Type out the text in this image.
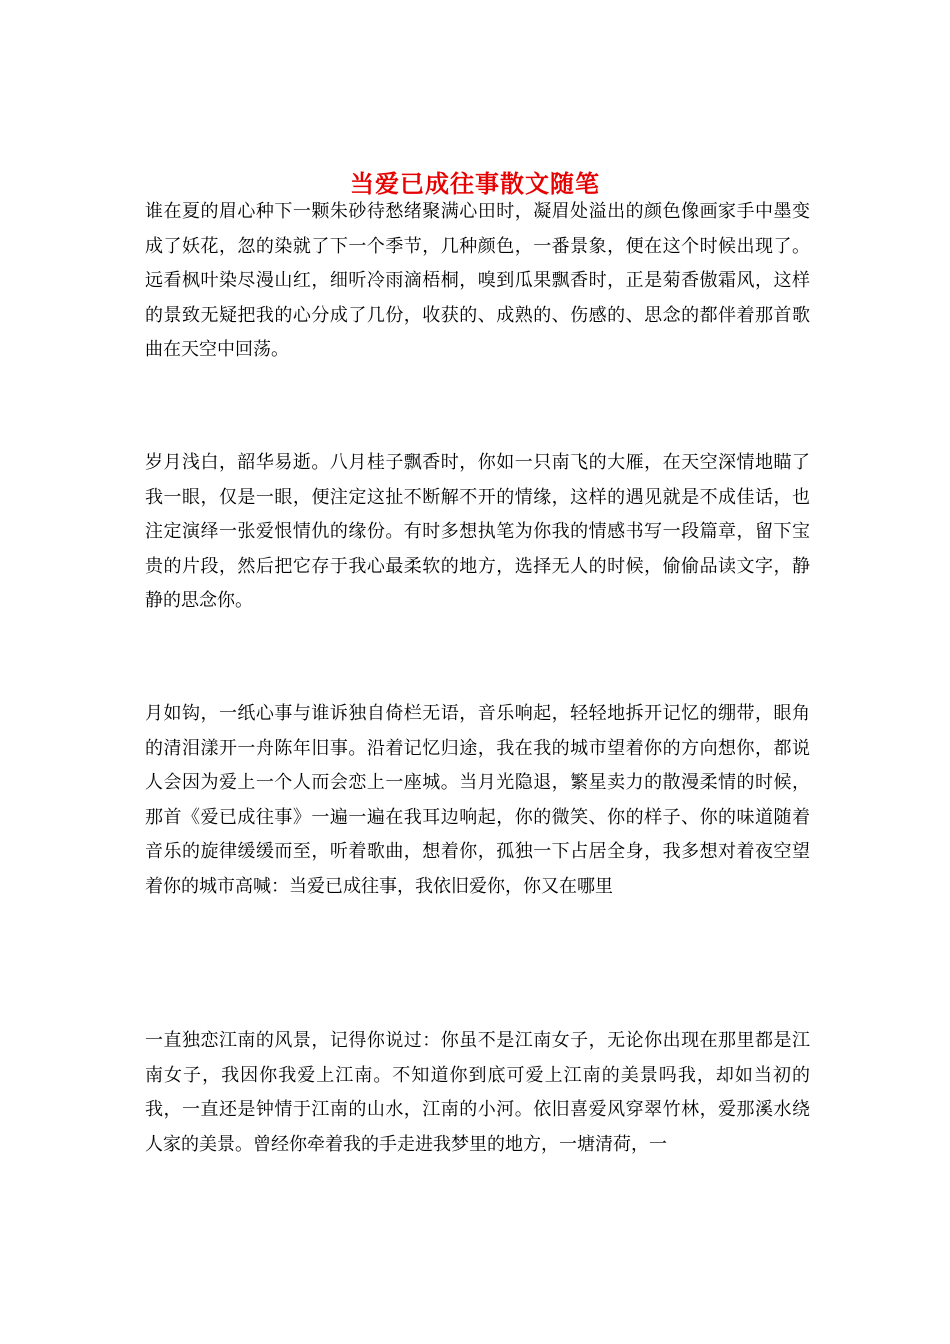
当爱已成往事散文随笔

谁在夏的眉心种下一颗朱砂待愁绪聚满心田时，凝眉处溢出的颜色像画家手中墨变成了妖花，忽的染就了下一个季节，几种颜色，一番景象，便在这个时候出现了。远看枫叶染尽漫山红，细听冷雨滴梧桐，嗅到瓜果飘香时，正是菊香傲霜风，这样的景致无疑把我的心分成了几份，收获的、成熟的、伤感的、思念的都伴着那首歌曲在天空中回荡。

岁月浅白，韶华易逝。八月桂子飘香时，你如一只南飞的大雁，在天空深情地瞄了我一眼，仅是一眼，便注定这扯不断解不开的情缘，这样的遇见就是不成佳话，也注定演绎一张爱恨情仇的缘份。有时多想执笔为你我的情感书写一段篇章，留下宝贵的片段，然后把它存于我心最柔软的地方，选择无人的时候，偷偷品读文字，静静的思念你。

月如钩，一纸心事与谁诉独自倚栏无语，音乐响起，轻轻地拆开记忆的绷带，眼角的清泪漾开一舟陈年旧事。沿着记忆归途，我在我的城市望着你的方向想你，都说人会因为爱上一个人而会恋上一座城。当月光隐退，繁星卖力的散漫柔情的时候，那首《爱已成往事》一遍一遍在我耳边响起，你的微笑、你的样子、你的味道随着音乐的旋律缓缓而至，听着歌曲，想着你，孤独一下占居全身，我多想对着夜空望着你的城市高喊：当爱已成往事，我依旧爱你，你又在哪里

一直独恋江南的风景，记得你说过：你虽不是江南女子，无论你出现在那里都是江南女子，我因你我爱上江南。不知道你到底可爱上江南的美景吗我，却如当初的我，一直还是钟情于江南的山水，江南的小河。依旧喜爱风穿翠竹林，爱那溪水绕人家的美景。曾经你牵着我的手走进我梦里的地方，一塘清荷，一
